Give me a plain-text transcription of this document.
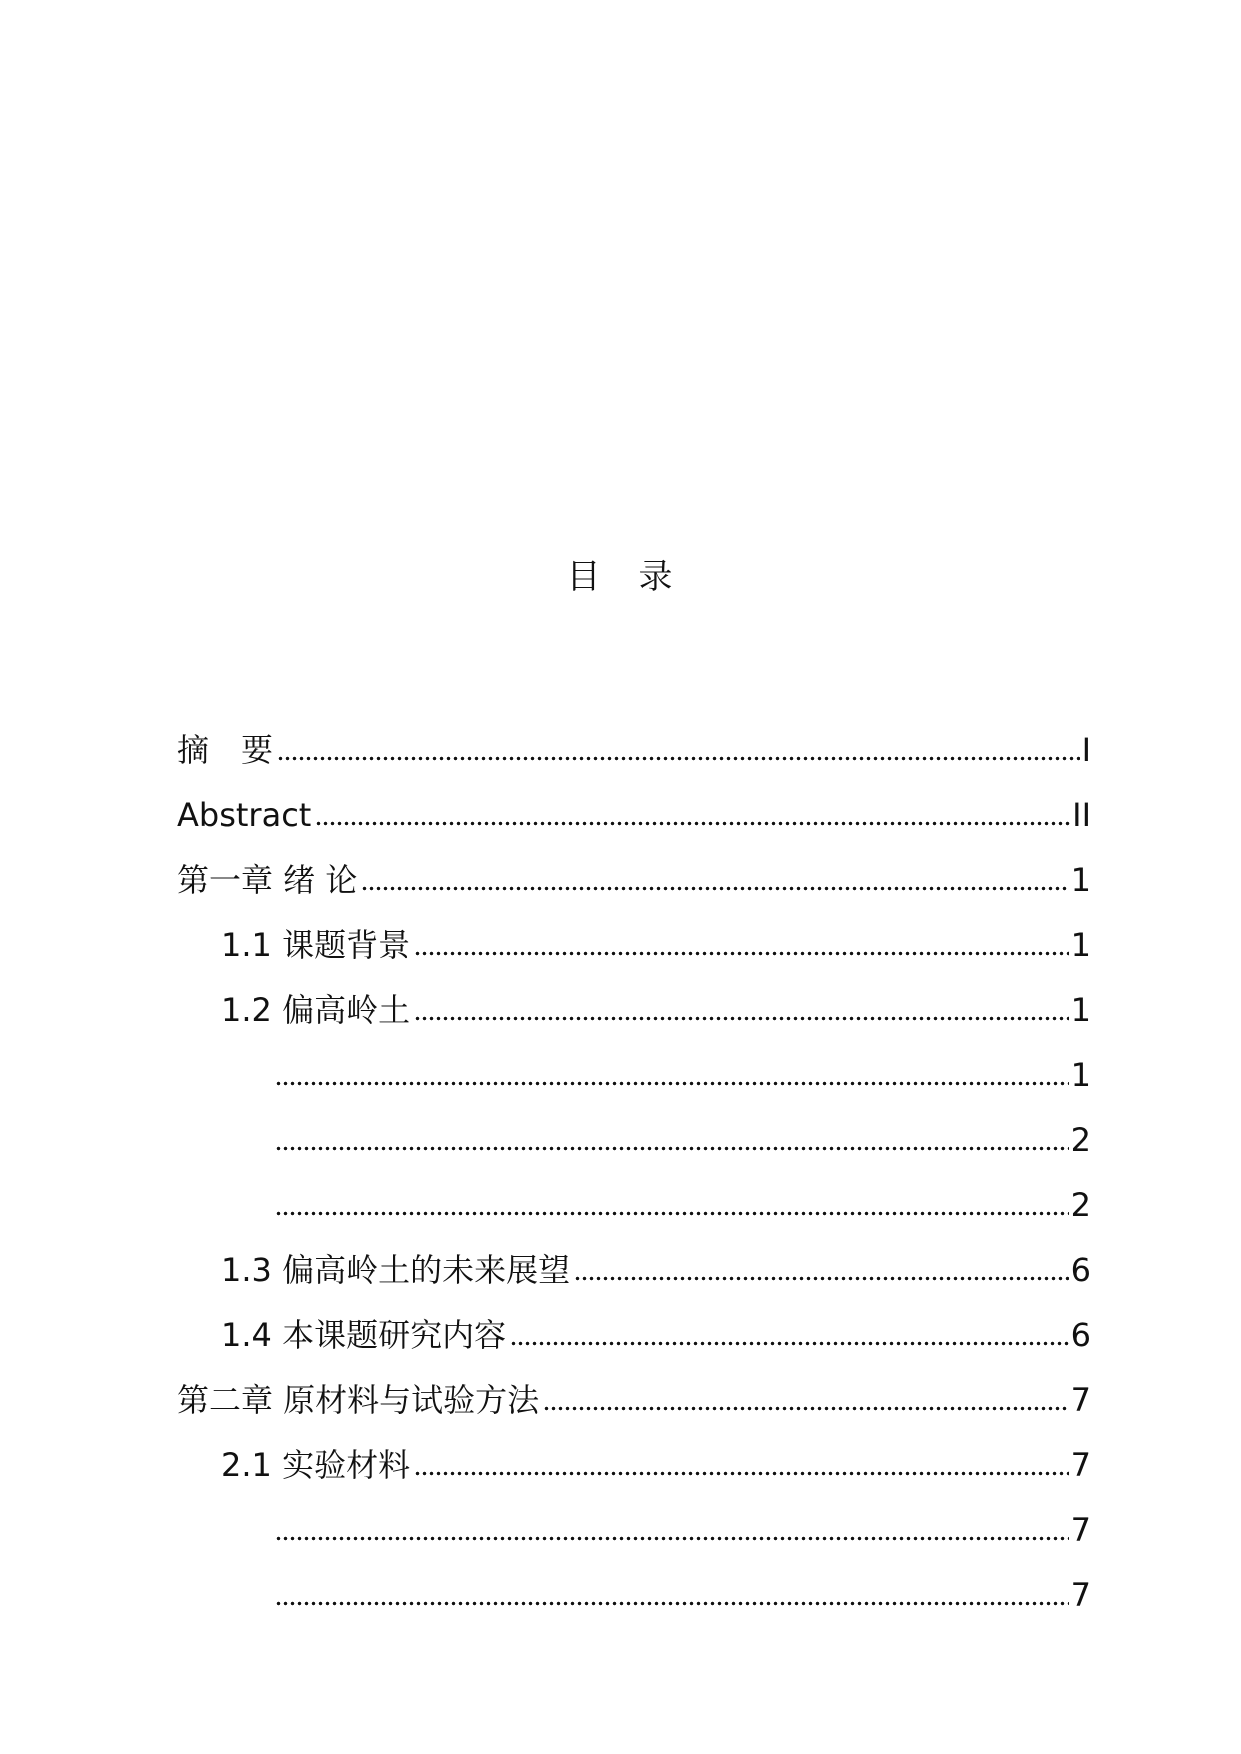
目　录
摘　要	I
Abstract	II
第一章 绪 论	1
1.1 课题背景	1
1.2 偏高岭土	1
1
2
2
1.3 偏高岭土的未来展望	6
1.4 本课题研究内容	6
第二章 原材料与试验方法	7
2.1 实验材料	7
7
7
